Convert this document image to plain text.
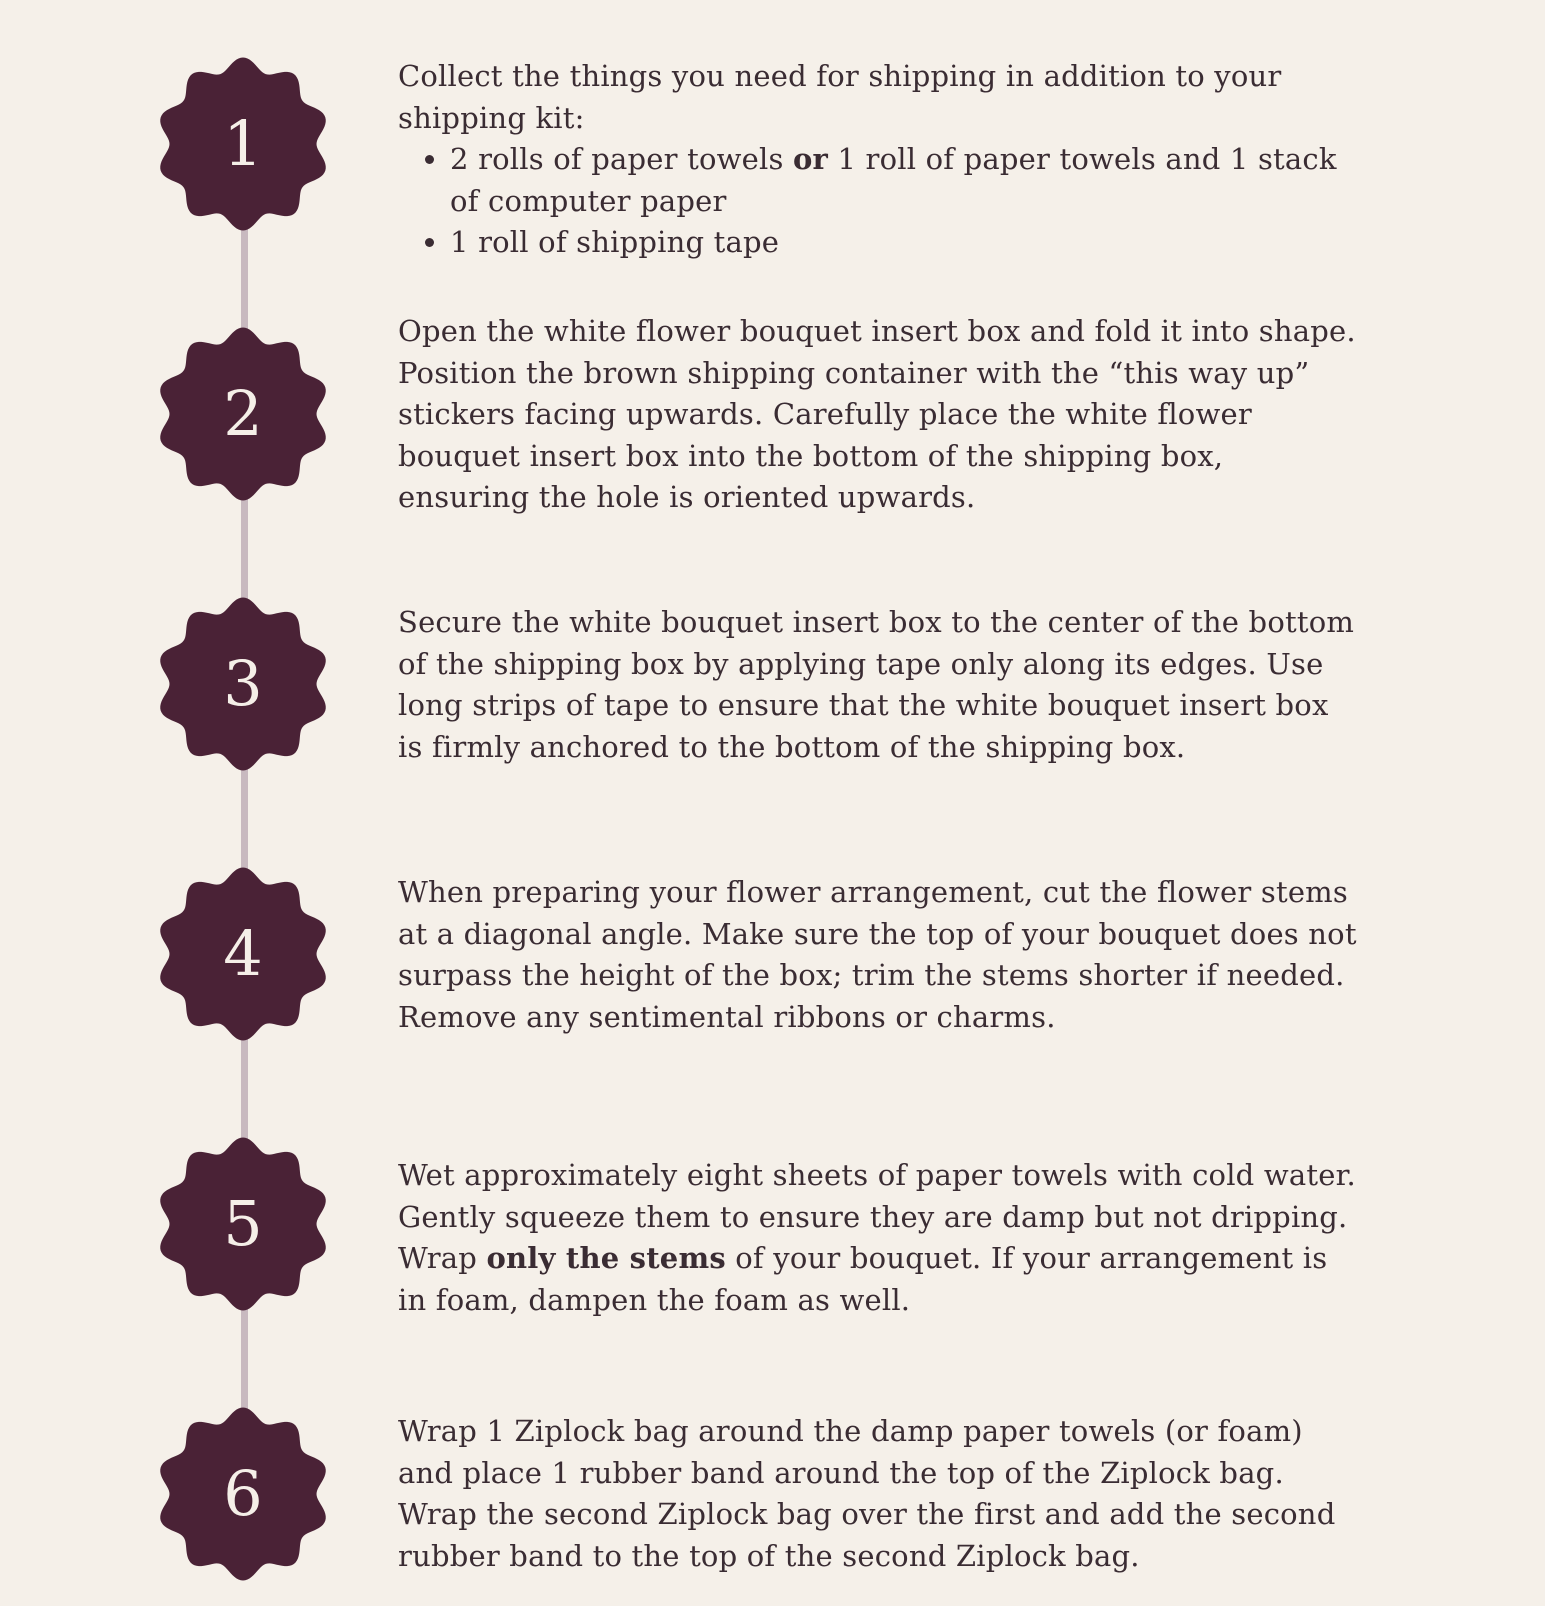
1

Collect the things you need for shipping in addition to your shipping kit:

• 2 rolls of paper towels or 1 roll of paper towels and 1 stack of computer paper
• 1 roll of shipping tape
2

Open the white flower bouquet insert box and fold it into shape. Position the brown shipping container with the “this way up” stickers facing upwards. Carefully place the white flower bouquet insert box into the bottom of the shipping box, ensuring the hole is oriented upwards.

3

Secure the white bouquet insert box to the center of the bottom of the shipping box by applying tape only along its edges. Use long strips of tape to ensure that the white bouquet insert box is firmly anchored to the bottom of the shipping box.

4

When preparing your flower arrangement, cut the flower stems at a diagonal angle. Make sure the top of your bouquet does not surpass the height of the box; trim the stems shorter if needed. Remove any sentimental ribbons or charms.

5

Wet approximately eight sheets of paper towels with cold water. Gently squeeze them to ensure they are damp but not dripping. Wrap only the stems of your bouquet. If your arrangement is in foam, dampen the foam as well.

6

Wrap 1 Ziplock bag around the damp paper towels (or foam) and place 1 rubber band around the top of the Ziplock bag. Wrap the second Ziplock bag over the first and add the second rubber band to the top of the second Ziplock bag.
